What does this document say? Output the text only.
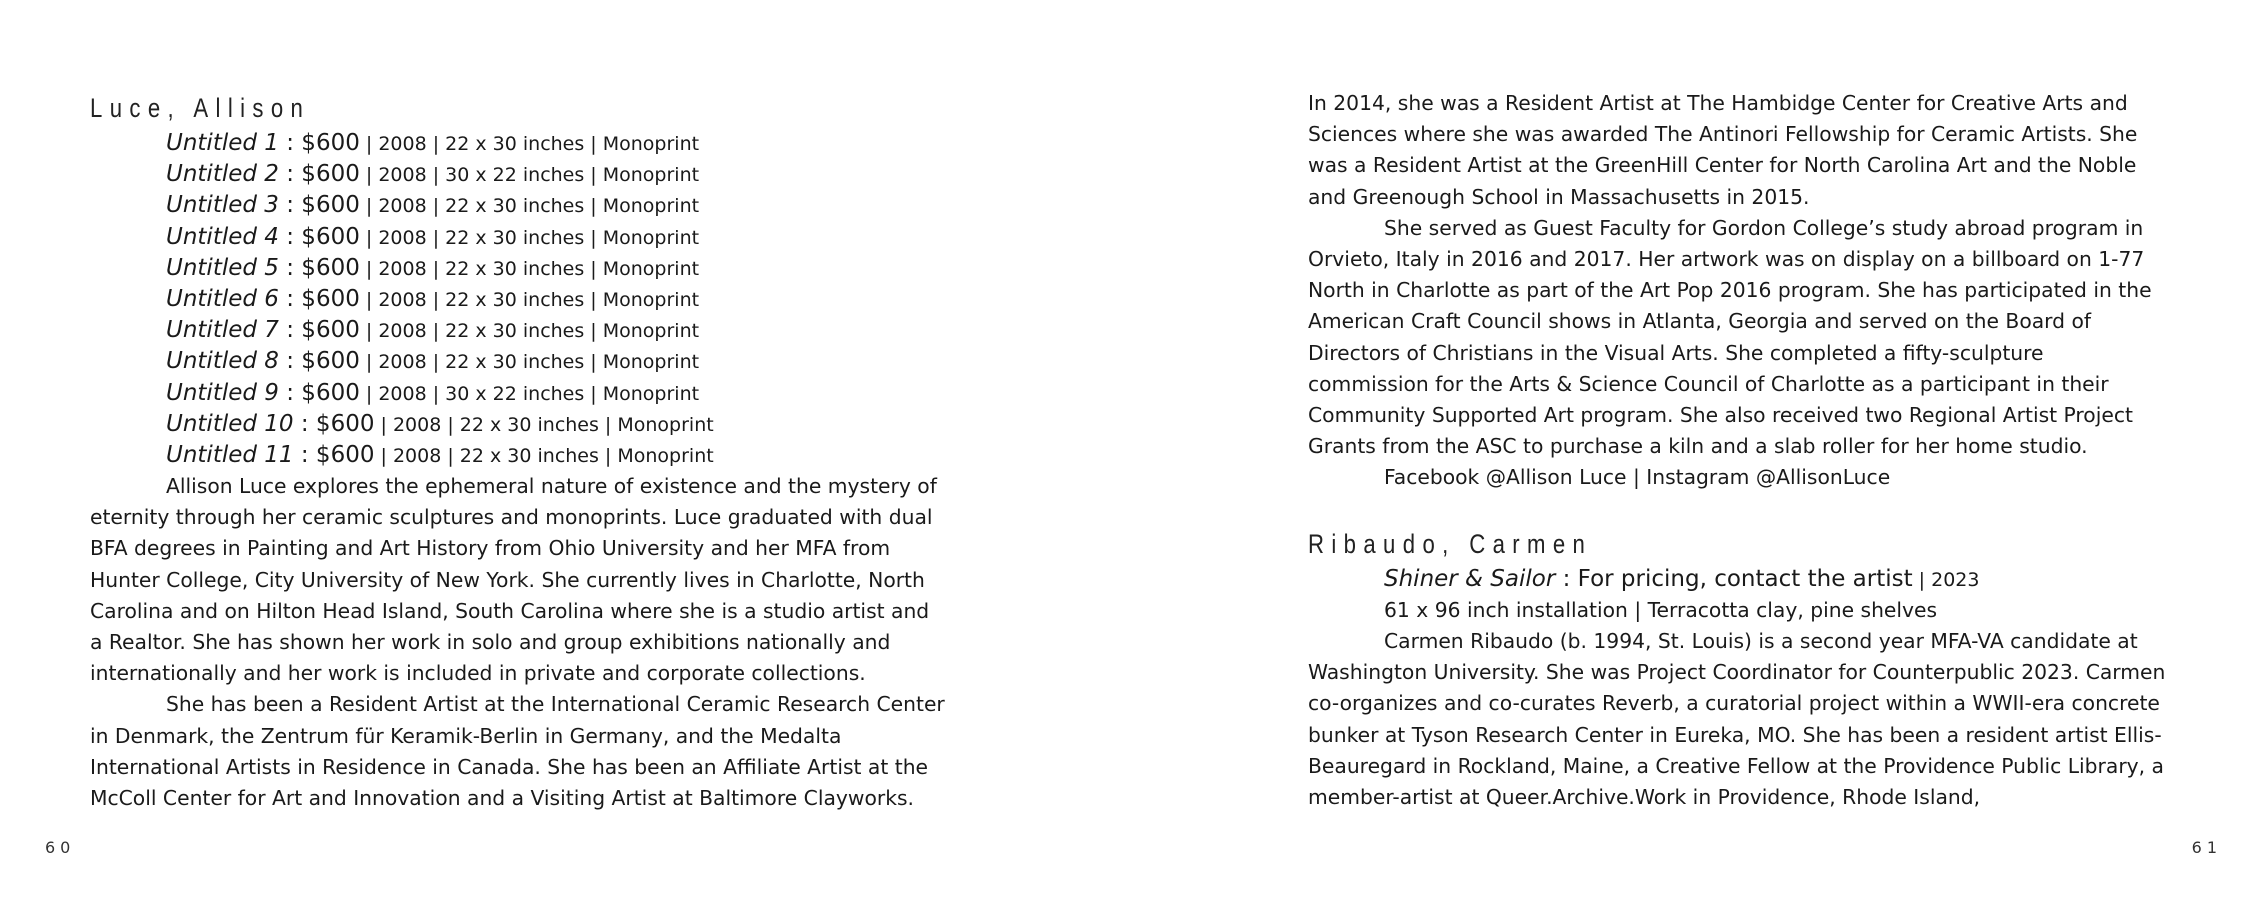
Luce, Allison
Untitled 1 : $600 | 2008 | 22 x 30 inches | Monoprint
Untitled 2 : $600 | 2008 | 30 x 22 inches | Monoprint
Untitled 3 : $600 | 2008 | 22 x 30 inches | Monoprint
Untitled 4 : $600 | 2008 | 22 x 30 inches | Monoprint
Untitled 5 : $600 | 2008 | 22 x 30 inches | Monoprint
Untitled 6 : $600 | 2008 | 22 x 30 inches | Monoprint
Untitled 7 : $600 | 2008 | 22 x 30 inches | Monoprint
Untitled 8 : $600 | 2008 | 22 x 30 inches | Monoprint
Untitled 9 : $600 | 2008 | 30 x 22 inches | Monoprint
Untitled 10 : $600 | 2008 | 22 x 30 inches | Monoprint
Untitled 11 : $600 | 2008 | 22 x 30 inches | Monoprint

Allison Luce explores the ephemeral nature of existence and the mystery of eternity through her ceramic sculptures and monoprints. Luce graduated with dual BFA degrees in Painting and Art History from Ohio University and her MFA from Hunter College, City University of New York. She currently lives in Charlotte, North Carolina and on Hilton Head Island, South Carolina where she is a studio artist and a Realtor. She has shown her work in solo and group exhibitions nationally and internationally and her work is included in private and corporate collections.

She has been a Resident Artist at the International Ceramic Research Center in Denmark, the Zentrum für Keramik-Berlin in Germany, and the Medalta International Artists in Residence in Canada. She has been an Affiliate Artist at the McColl Center for Art and Innovation and a Visiting Artist at Baltimore Clayworks.

60

In 2014, she was a Resident Artist at The Hambidge Center for Creative Arts and Sciences where she was awarded The Antinori Fellowship for Ceramic Artists. She was a Resident Artist at the GreenHill Center for North Carolina Art and the Noble and Greenough School in Massachusetts in 2015.

She served as Guest Faculty for Gordon College’s study abroad program in Orvieto, Italy in 2016 and 2017. Her artwork was on display on a billboard on 1-77 North in Charlotte as part of the Art Pop 2016 program. She has participated in the American Craft Council shows in Atlanta, Georgia and served on the Board of Directors of Christians in the Visual Arts. She completed a fifty-sculpture commission for the Arts & Science Council of Charlotte as a participant in their Community Supported Art program. She also received two Regional Artist Project Grants from the ASC to purchase a kiln and a slab roller for her home studio.

Facebook @Allison Luce | Instagram @AllisonLuce

Ribaudo, Carmen
Shiner & Sailor : For pricing, contact the artist | 2023

61 x 96 inch installation | Terracotta clay, pine shelves

Carmen Ribaudo (b. 1994, St. Louis) is a second year MFA-VA candidate at Washington University. She was Project Coordinator for Counterpublic 2023. Carmen co-organizes and co-curates Reverb, a curatorial project within a WWII-era concrete bunker at Tyson Research Center in Eureka, MO. She has been a resident artist Ellis-Beauregard in Rockland, Maine, a Creative Fellow at the Providence Public Library, a member-artist at Queer.Archive.Work in Providence, Rhode Island,

61
